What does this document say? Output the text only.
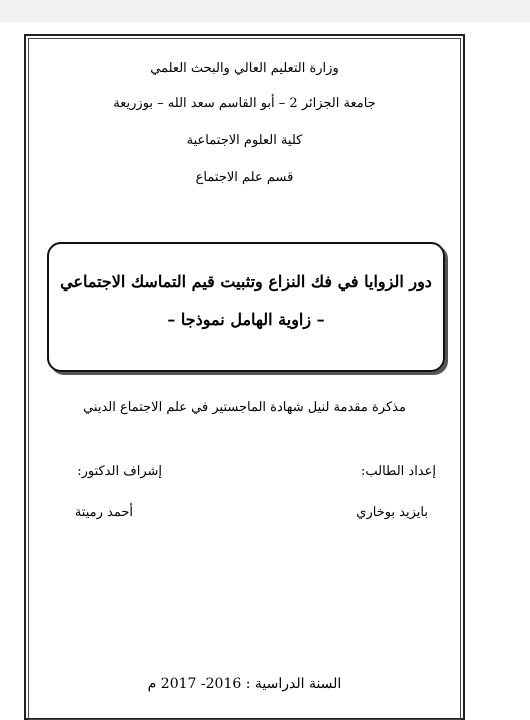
وزارة التعليم العالي والبحث العلمي
جامعة الجزائر 2 – أبو القاسم سعد الله – بوزريعة
كلية العلوم الاجتماعية
قسم علم الاجتماع
دور الزوايا في فك النزاع وتثبيت قيم التماسك الاجتماعي
– زاوية الهامل نموذجا –
مذكرة مقدمة لنيل شهادة الماجستير في علم الاجتماع الديني
إعداد الطالب:
إشراف الدكتور:
بايزيد بوخاري
أحمد رميتة
السنة الدراسية : 2016- 2017 م
